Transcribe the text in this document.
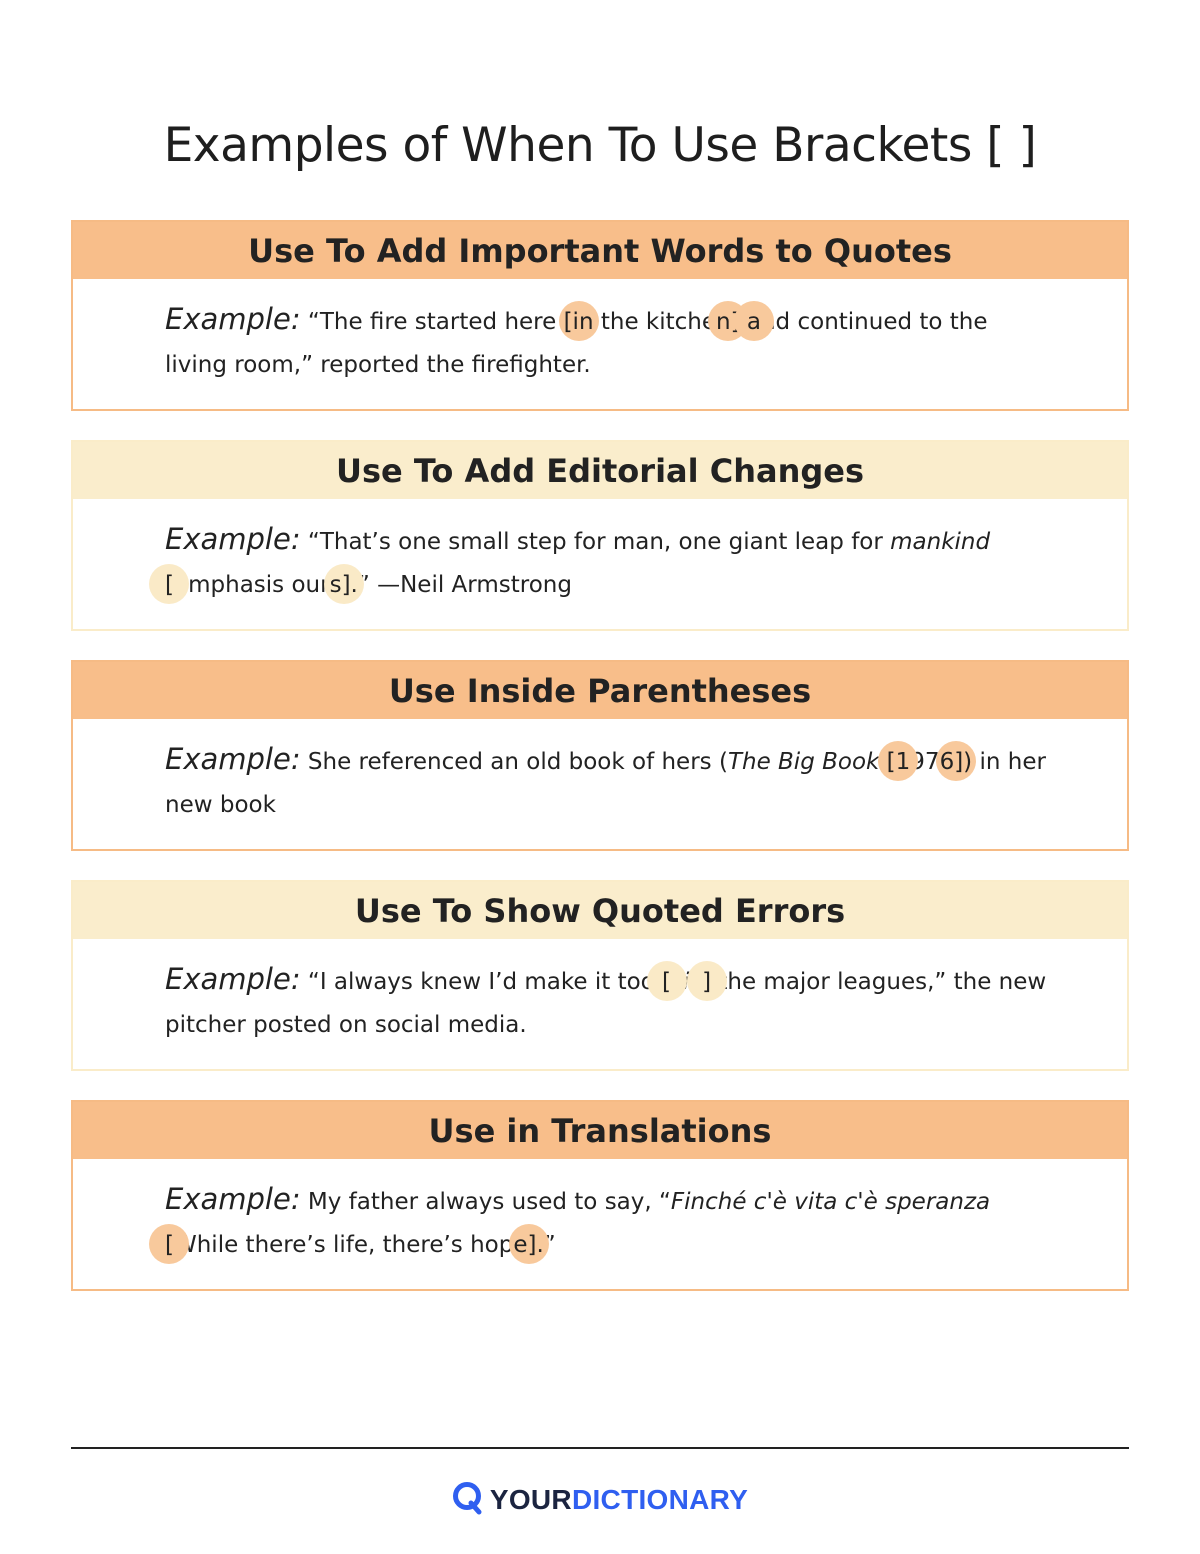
Examples of When To Use Brackets [ ]
Use To Add Important Words to Quotes
Example: “The fire started here [in the kitchen] and continued to the living room,” reported the firefighter.
Use To Add Editorial Changes
Example: “That’s one small step for man, one giant leap for mankind [emphasis ours].” —Neil Armstrong
Use Inside Parentheses
Example: She referenced an old book of hers (The Big Book [1976]) in her new book
Use To Show Quoted Errors
Example: “I always knew I’d make it too [sic] the major leagues,” the new pitcher posted on social media.
Use in Translations
Example: My father always used to say, “Finché c'è vita c'è speranza [While there’s life, there’s hope].”
YOURDICTIONARY
